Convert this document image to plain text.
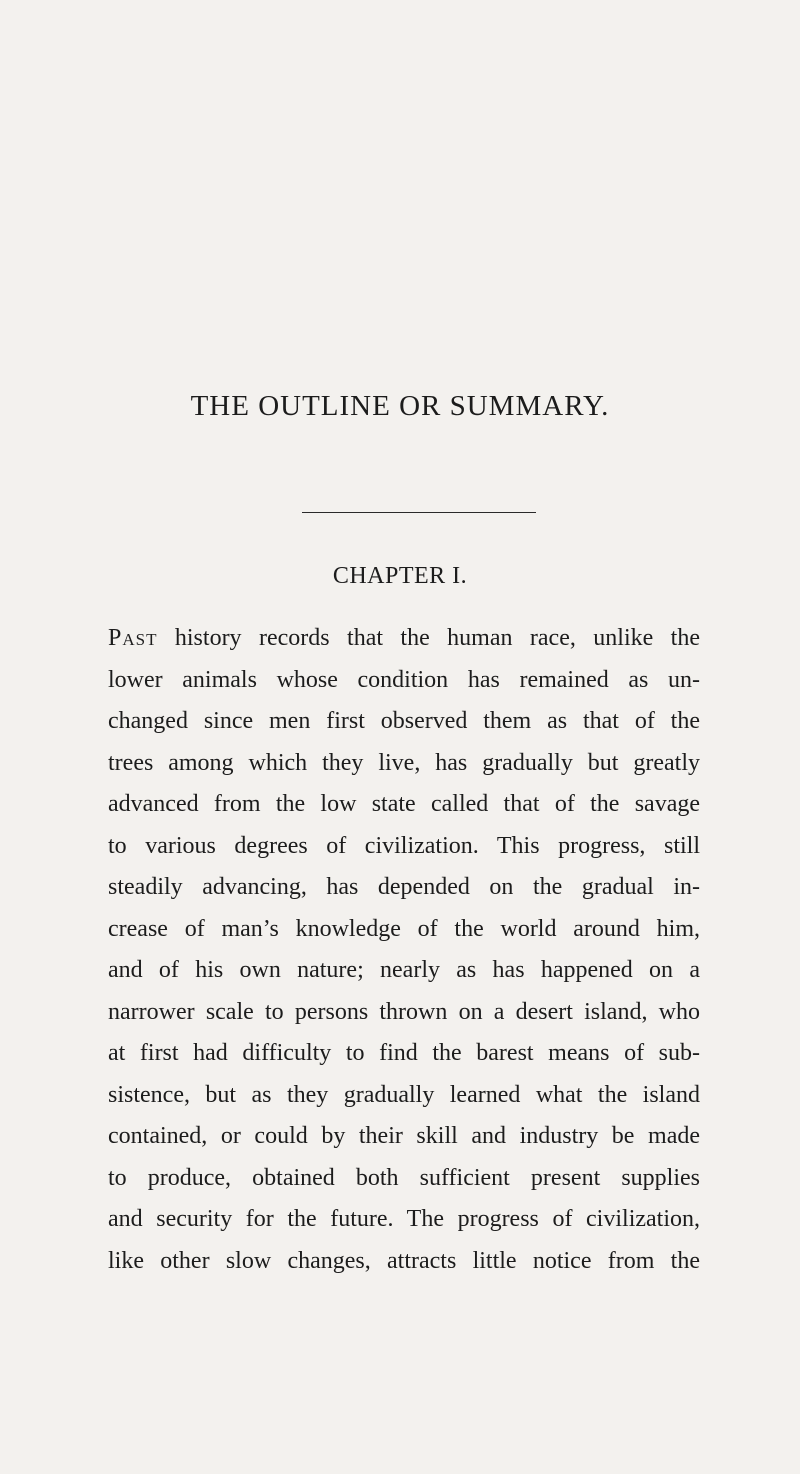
THE OUTLINE OR SUMMARY.
CHAPTER I.
Past history records that the human race, unlike the
lower animals whose condition has remained as un-
changed since men first observed them as that of the
trees among which they live, has gradually but greatly
advanced from the low state called that of the savage
to various degrees of civilization. This progress, still
steadily advancing, has depended on the gradual in-
crease of man’s knowledge of the world around him,
and of his own nature; nearly as has happened on a
narrower scale to persons thrown on a desert island, who
at first had difficulty to find the barest means of sub-
sistence, but as they gradually learned what the island
contained, or could by their skill and industry be made
to produce, obtained both sufficient present supplies
and security for the future. The progress of civilization,
like other slow changes, attracts little notice from the
